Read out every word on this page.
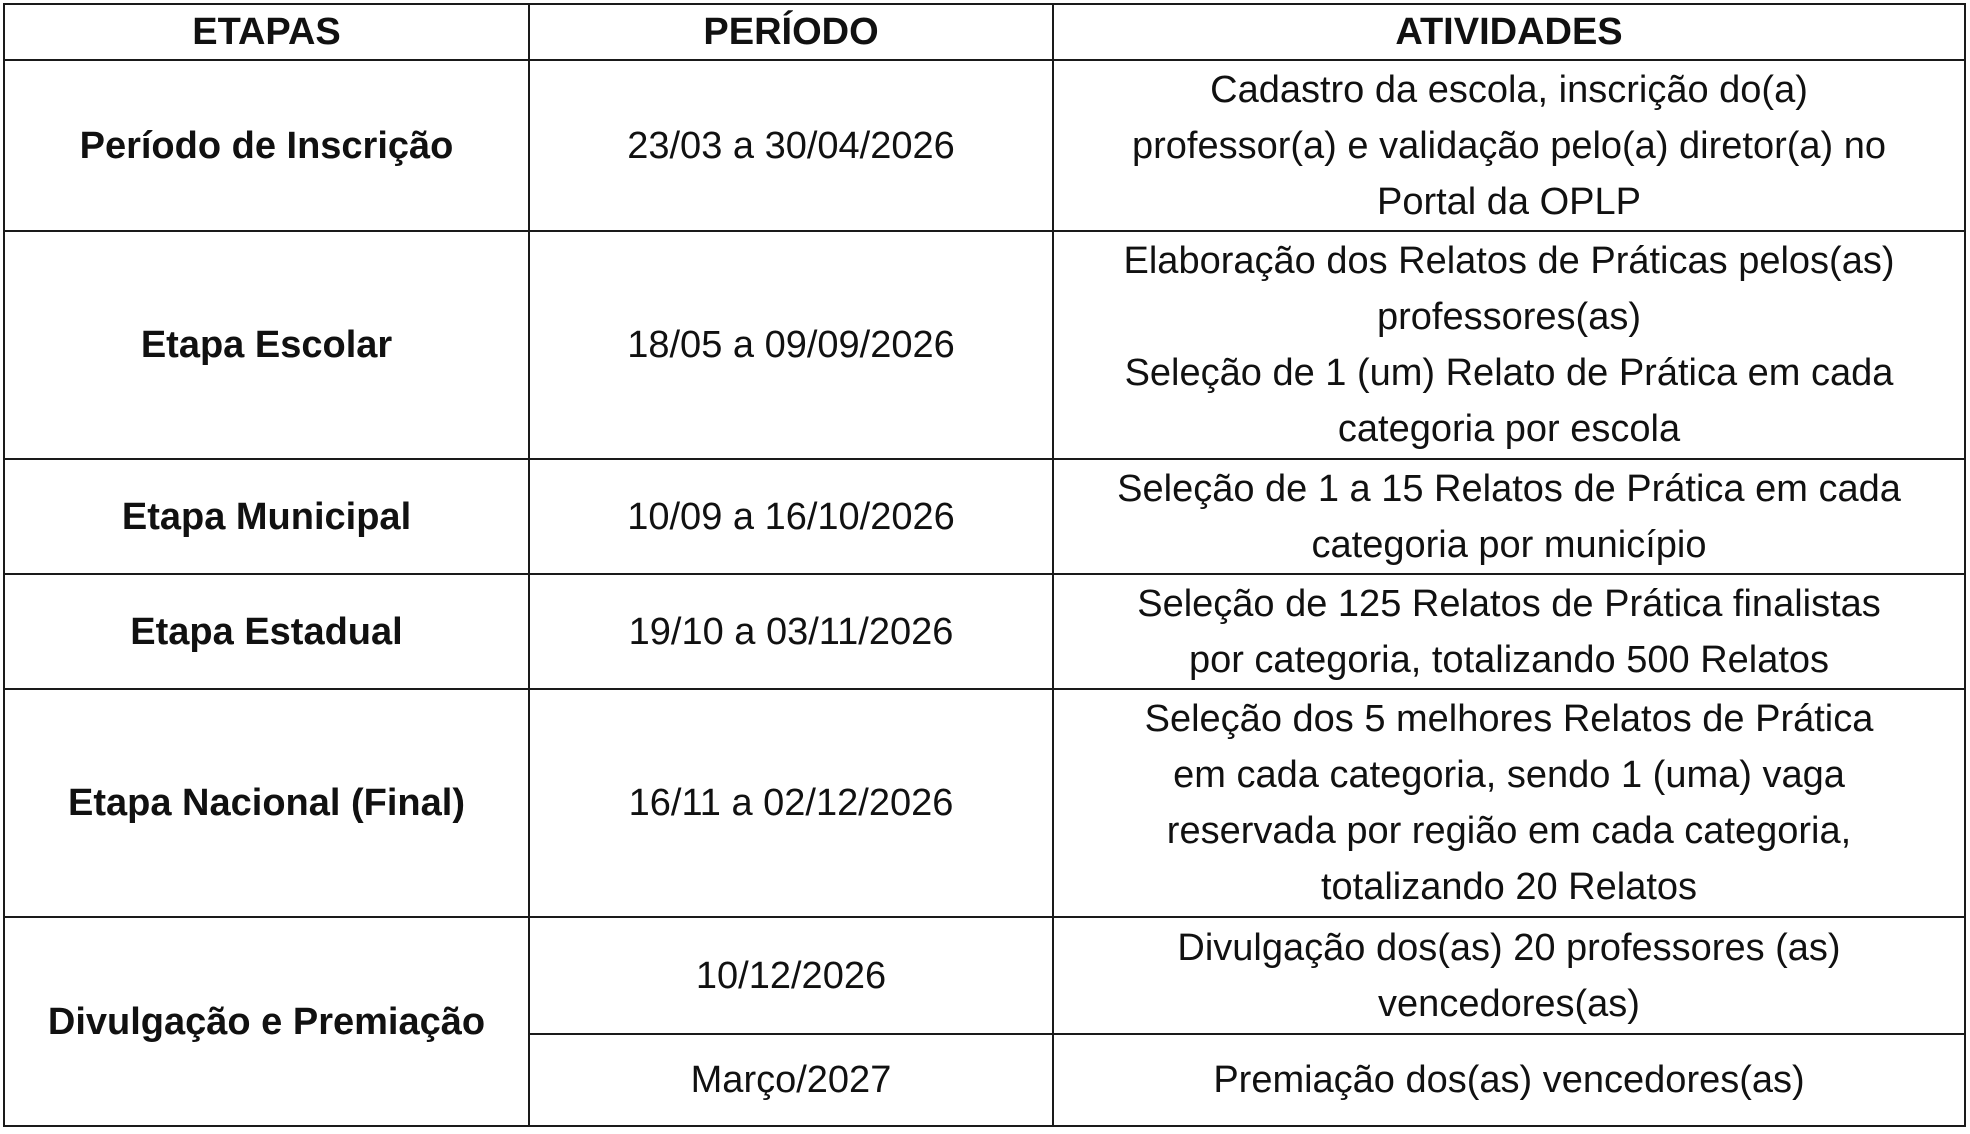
ETAPAS	PERÍODO	ATIVIDADES
Período de Inscrição	23/03 a 30/04/2026	Cadastro da escola, inscrição do(a)
professor(a) e validação pelo(a) diretor(a) no
Portal da OPLP

Etapa Escolar	18/05 a 09/09/2026	Elaboração dos Relatos de Práticas pelos(as)
professores(as)
Seleção de 1 (um) Relato de Prática em cada
categoria por escola

Etapa Municipal	10/09 a 16/10/2026	Seleção de 1 a 15 Relatos de Prática em cada
categoria por município

Etapa Estadual	19/10 a 03/11/2026	Seleção de 125 Relatos de Prática finalistas
por categoria, totalizando 500 Relatos

Etapa Nacional (Final)	16/11 a 02/12/2026	Seleção dos 5 melhores Relatos de Prática
em cada categoria, sendo 1 (uma) vaga
reservada por região em cada categoria,
totalizando 20 Relatos

Divulgação e Premiação	10/12/2026	Divulgação dos(as) 20 professores (as)
vencedores(as)

	Março/2027	Premiação dos(as) vencedores(as)
